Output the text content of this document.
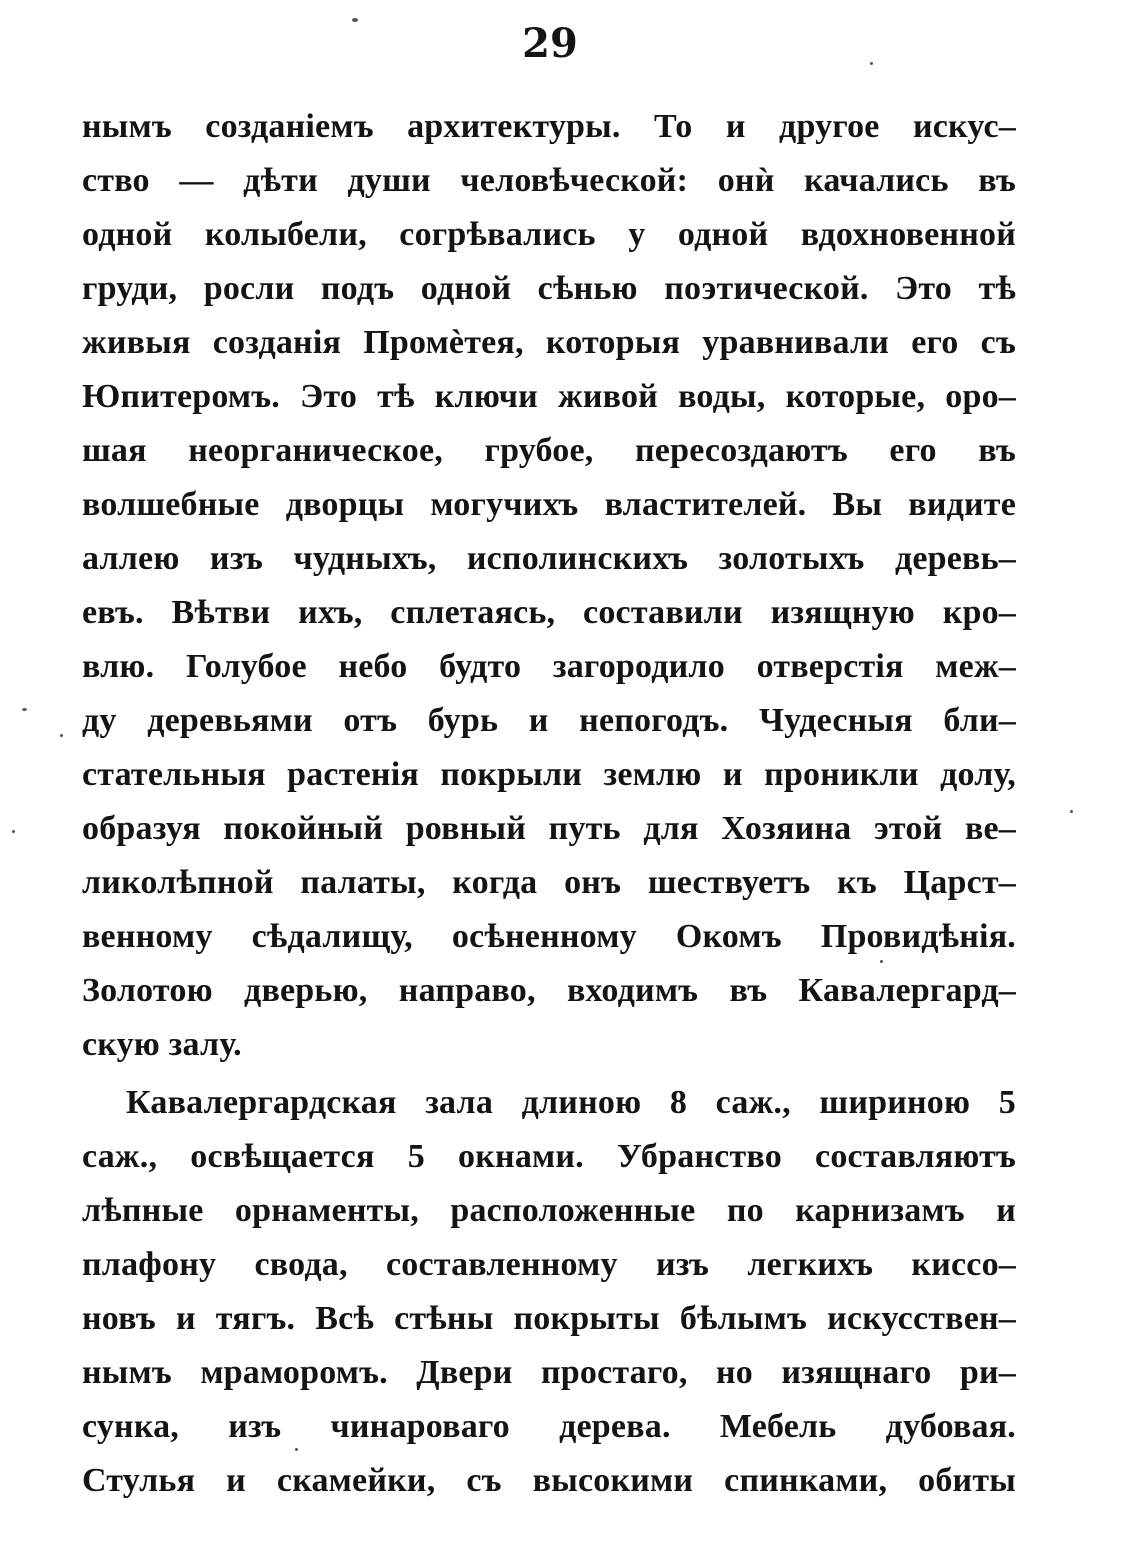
29
нымъ созданіемъ архитектуры. То и другое искус–
ство — дѣти души человѣческой: онѝ качались въ
одной колыбели, согрѣвались у одной вдохновенной
груди, росли подъ одной сѣнью поэтической. Это тѣ
живыя созданія Промѐтея, которыя уравнивали его съ
Юпитеромъ. Это тѣ ключи живой воды, которые, оро–
шая неорганическое, грубое, пересоздаютъ его въ
волшебные дворцы могучихъ властителей. Вы видите
аллею изъ чудныхъ, исполинскихъ золотыхъ деревь–
евъ. Вѣтви ихъ, сплетаясь, составили изящную кро–
влю. Голубое небо будто загородило отверстія меж–
ду деревьями отъ бурь и непогодъ. Чудесныя бли–
стательныя растенія покрыли землю и проникли долу,
образуя покойный ровный путь для Хозяина этой ве–
ликолѣпной палаты, когда онъ шествуетъ къ Царст–
венному сѣдалищу, осѣненному Окомъ Провидѣнія.
Золотою дверью, направо, входимъ въ Кавалергард–
скую залу.
Кавалергардская зала длиною 8 саж., шириною 5
саж., освѣщается 5 окнами. Убранство составляютъ
лѣпные орнаменты, расположенные по карнизамъ и
плафону свода, составленному изъ легкихъ киссо–
новъ и тягъ. Всѣ стѣны покрыты бѣлымъ искусствен–
нымъ мраморомъ. Двери простаго, но изящнаго ри–
сунка, изъ чинароваго дерева. Мебель дубовая.
Стулья и скамейки, съ высокими спинками, обиты
